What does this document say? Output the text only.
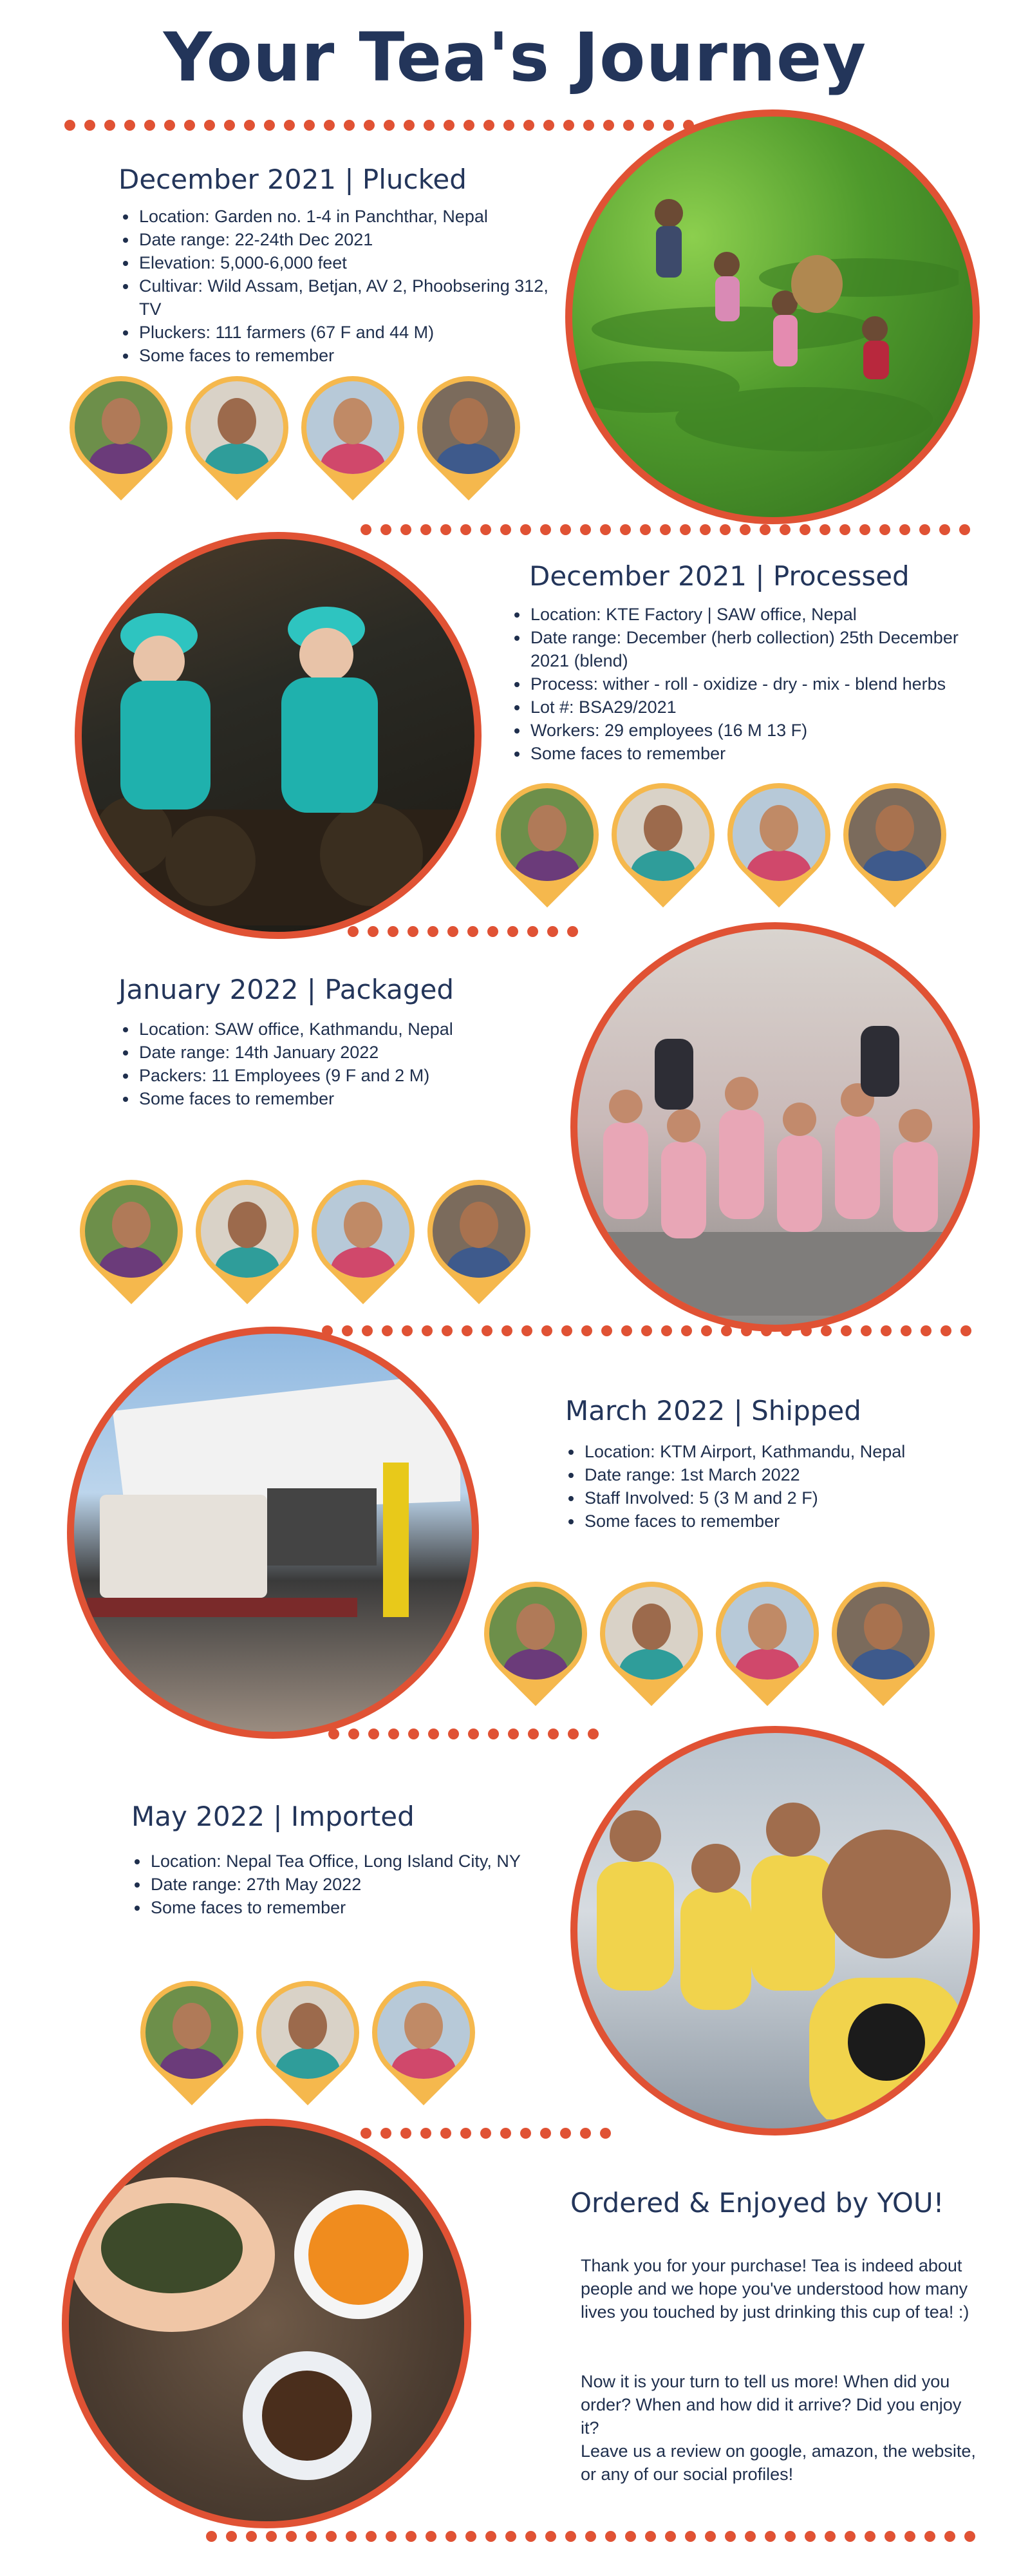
Your Tea's Journey
December 2021 | Plucked
• Location: Garden no. 1-4 in Panchthar, Nepal
• Date range: 22-24th Dec 2021
• Elevation: 5,000-6,000 feet
• Cultivar: Wild Assam, Betjan, AV 2, Phoobsering 312, TV
• Pluckers: 111 farmers (67 F and 44 M)
• Some faces to remember
December 2021 | Processed
• Location: KTE Factory | SAW office, Nepal
• Date range: December (herb collection) 25th December 2021 (blend)
• Process: wither - roll - oxidize - dry - mix - blend herbs
• Lot #: BSA29/2021
• Workers: 29 employees (16 M 13 F)
• Some faces to remember
January 2022 | Packaged
• Location: SAW office, Kathmandu, Nepal
• Date range: 14th January 2022
• Packers: 11 Employees (9 F and 2 M)
• Some faces to remember
March 2022 | Shipped
• Location: KTM Airport, Kathmandu, Nepal
• Date range: 1st March 2022
• Staff Involved: 5 (3 M and 2 F)
• Some faces to remember
May 2022 | Imported
• Location: Nepal Tea Office, Long Island City, NY
• Date range: 27th May 2022
• Some faces to remember
Ordered & Enjoyed by YOU!
Thank you for your purchase! Tea is indeed about people and we hope you've understood how many lives you touched by just drinking this cup of tea! :)
Now it is your turn to tell us more! When did you order? When and how did it arrive? Did you enjoy it?
Leave us a review on google, amazon, the website, or any of our social profiles!
